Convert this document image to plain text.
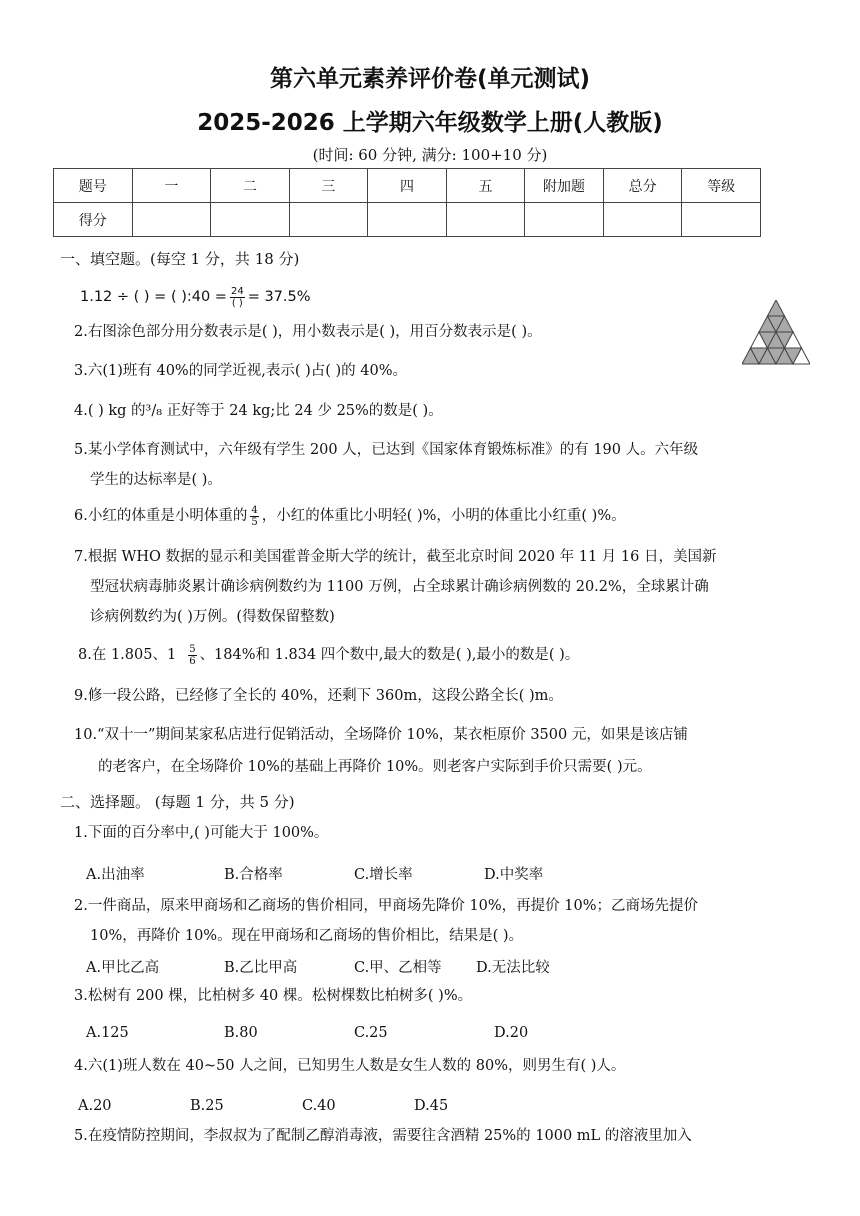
第六单元素养评价卷(单元测试)
2025-2026 上学期六年级数学上册(人教版)
(时间: 60 分钟, 满分: 100+10 分)
题号	一	二	三	四	五	附加题	总分	等级
得分								
一、填空题。(每空 1 分，共 18 分)
1.12 ÷ ( ) = ( ):40 = $\frac{24}{( )} = 37.5\%$
2.右图涂色部分用分数表示是( )，用小数表示是( )，用百分数表示是( )。
3.六(1)班有 40%的同学近视,表示( )占( )的 40%。
4.( ) kg 的³/₈ 正好等于 24 kg;比 24 少 25%的数是( )。
5.某小学体育测试中，六年级有学生 200 人，已达到《国家体育锻炼标准》的有 190 人。六年级
学生的达标率是( )。
6.小红的体重是小明体重的 $\frac{4}{5}$ ，小红的体重比小明轻( )%，小明的体重比小红重( )%。
7.根据 WHO 数据的显示和美国霍普金斯大学的统计，截至北京时间 2020 年 11 月 16 日，美国新
型冠状病毒肺炎累计确诊病例数约为 1100 万例，占全球累计确诊病例数的 20.2%，全球累计确
诊病例数约为( )万例。(得数保留整数)
8.在 1.805、$1 \frac{5}{6}$ 、184%和 1.834 四个数中,最大的数是( ),最小的数是( )。
9.修一段公路，已经修了全长的 40%，还剩下 360m，这段公路全长( )m。
10.“双十一”期间某家私店进行促销活动，全场降价 10%，某衣柜原价 3500 元，如果是该店铺
的老客户，在全场降价 10%的基础上再降价 10%。则老客户实际到手价只需要( )元。
二、选择题。 (每题 1 分，共 5 分)
1.下面的百分率中,( )可能大于 100%。
A.出油率	B.合格率	C.增长率	D.中奖率
2.一件商品，原来甲商场和乙商场的售价相同，甲商场先降价 10%，再提价 10%；乙商场先提价
10%，再降价 10%。现在甲商场和乙商场的售价相比，结果是( )。
A.甲比乙高	B.乙比甲高	C.甲、乙相等 D.无法比较
3.松树有 200 棵，比柏树多 40 棵。松树棵数比柏树多( )%。
A.125	B.80	C.25	D.20
4.六(1)班人数在 40~50 人之间，已知男生人数是女生人数的 80%，则男生有( )人。
A.20	B.25	C.40	D.45
5.在疫情防控期间，李叔叔为了配制乙醇消毒液，需要往含酒精 25%的 1000 mL 的溶液里加入
